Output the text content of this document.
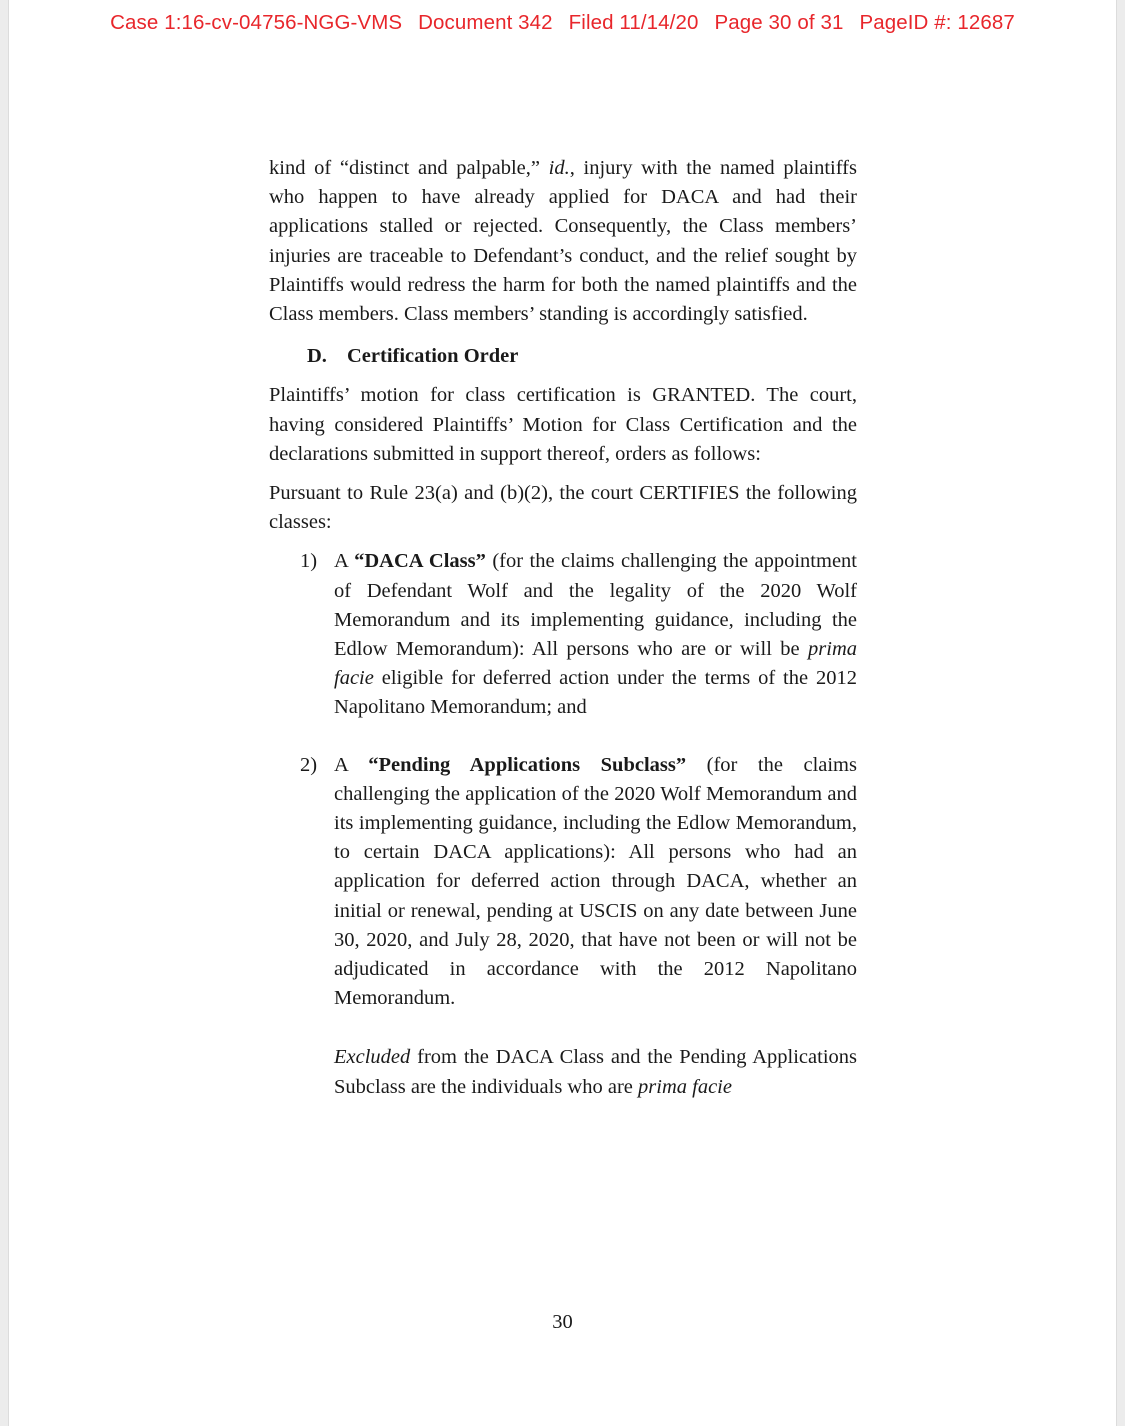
Case 1:16-cv-04756-NGG-VMS Document 342 Filed 11/14/20 Page 30 of 31 PageID #: 12687

kind of “distinct and palpable,” id., injury with the named plaintiffs who happen to have already applied for DACA and had their applications stalled or rejected. Consequently, the Class members’ injuries are traceable to Defendant’s conduct, and the relief sought by Plaintiffs would redress the harm for both the named plaintiffs and the Class members. Class members’ standing is accordingly satisfied.

D. Certification Order

Plaintiffs’ motion for class certification is GRANTED. The court, having considered Plaintiffs’ Motion for Class Certification and the declarations submitted in support thereof, orders as follows:

Pursuant to Rule 23(a) and (b)(2), the court CERTIFIES the following classes:

1) A “DACA Class” (for the claims challenging the appointment of Defendant Wolf and the legality of the 2020 Wolf Memorandum and its implementing guidance, including the Edlow Memorandum): All persons who are or will be prima facie eligible for deferred action under the terms of the 2012 Napolitano Memorandum; and

2) A “Pending Applications Subclass” (for the claims challenging the application of the 2020 Wolf Memorandum and its implementing guidance, including the Edlow Memorandum, to certain DACA applications): All persons who had an application for deferred action through DACA, whether an initial or renewal, pending at USCIS on any date between June 30, 2020, and July 28, 2020, that have not been or will not be adjudicated in accordance with the 2012 Napolitano Memorandum.

Excluded from the DACA Class and the Pending Applications Subclass are the individuals who are prima facie

30
